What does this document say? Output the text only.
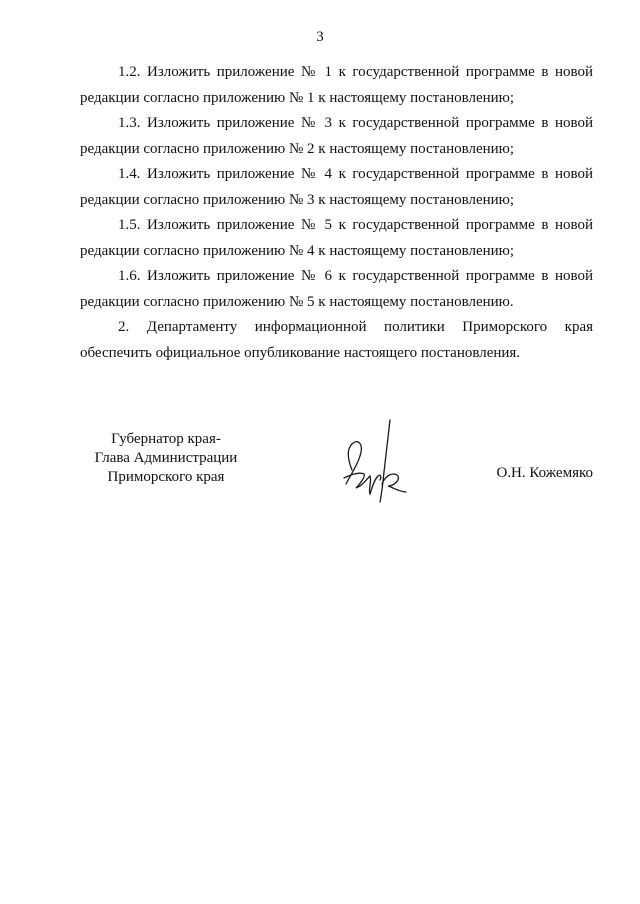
3

1.2. Изложить приложение № 1 к государственной программе в новой
редакции согласно приложению № 1 к настоящему постановлению;

1.3. Изложить приложение № 3 к государственной программе в новой
редакции согласно приложению № 2 к настоящему постановлению;

1.4. Изложить приложение № 4 к государственной программе в новой
редакции согласно приложению № 3 к настоящему постановлению;

1.5. Изложить приложение № 5 к государственной программе в новой
редакции согласно приложению № 4 к настоящему постановлению;

1.6. Изложить приложение № 6 к государственной программе в новой
редакции согласно приложению № 5 к настоящему постановлению.

2. Департаменту информационной политики Приморского края
обеспечить официальное опубликование настоящего постановления.

Губернатор края-
Глава Администрации
Приморского края	О.Н. Кожемяко
